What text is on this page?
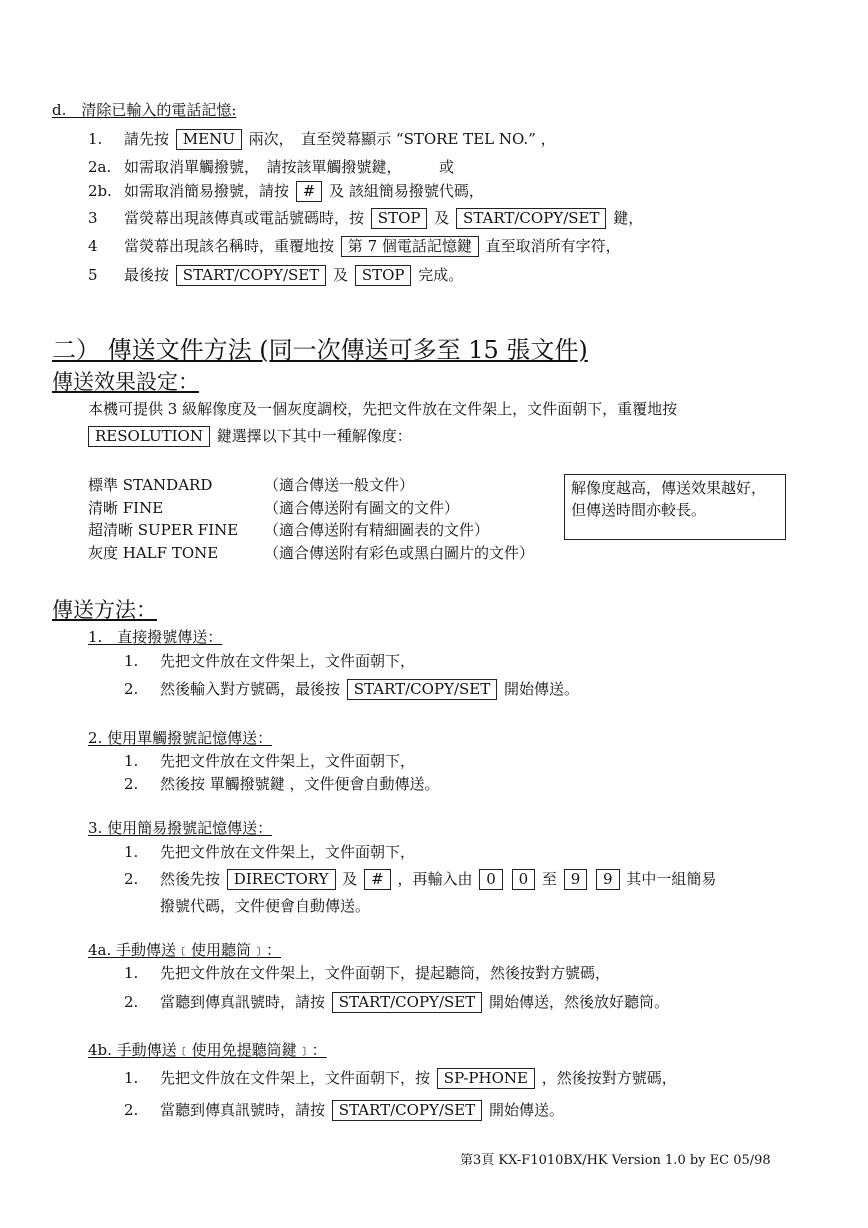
d.　清除已輸入的電話記憶:
1. 請先按 MENU 兩次，　直至熒幕顯示 “STORE TEL NO.” ，
2a. 如需取消單觸撥號，　請按該單觸撥號鍵，　　　或
2b. 如需取消簡易撥號，請按 # 及 該組簡易撥號代碼，
3 當熒幕出現該傳真或電話號碼時，按 STOP 及 START/COPY/SET 鍵，
4 當熒幕出現該名稱時，重覆地按 第 7 個電話記憶鍵 直至取消所有字符，
5 最後按 START/COPY/SET 及 STOP 完成。
二） 傳送文件方法 (同一次傳送可多至 15 張文件)
傳送效果設定：
本機可提供 3 級解像度及一個灰度調校，先把文件放在文件架上，文件面朝下，重覆地按
RESOLUTION 鍵選擇以下其中一種解像度：
標準 STANDARD	（適合傳送一般文件）
清晰 FINE	（適合傳送附有圖文的文件）
超清晰 SUPER FINE （適合傳送附有精細圖表的文件）
灰度 HALF TONE	（適合傳送附有彩色或黑白圖片的文件）
解像度越高，傳送效果越好，但傳送時間亦較長。
傳送方法：
1.　直接撥號傳送：
1. 先把文件放在文件架上，文件面朝下，
2. 然後輸入對方號碼，最後按 START/COPY/SET 開始傳送。
2. 使用單觸撥號記憶傳送：
1. 先把文件放在文件架上，文件面朝下，
2. 然後按 單觸撥號鍵 ，文件便會自動傳送。
3. 使用簡易撥號記憶傳送：
1. 先把文件放在文件架上，文件面朝下，
2. 然後先按 DIRECTORY 及 # ，再輸入由 0 0 至 9 9 其中一組簡易
撥號代碼，文件便會自動傳送。
4a. 手動傳送﹝使用聽筒﹞：
1. 先把文件放在文件架上，文件面朝下，提起聽筒，然後按對方號碼，
2. 當聽到傳真訊號時，請按 START/COPY/SET 開始傳送，然後放好聽筒。
4b. 手動傳送﹝使用免提聽筒鍵﹞：
1. 先把文件放在文件架上，文件面朝下，按 SP-PHONE ，然後按對方號碼，
2. 當聽到傳真訊號時，請按 START/COPY/SET 開始傳送。
第3頁 KX-F1010BX/HK Version 1.0 by EC 05/98
